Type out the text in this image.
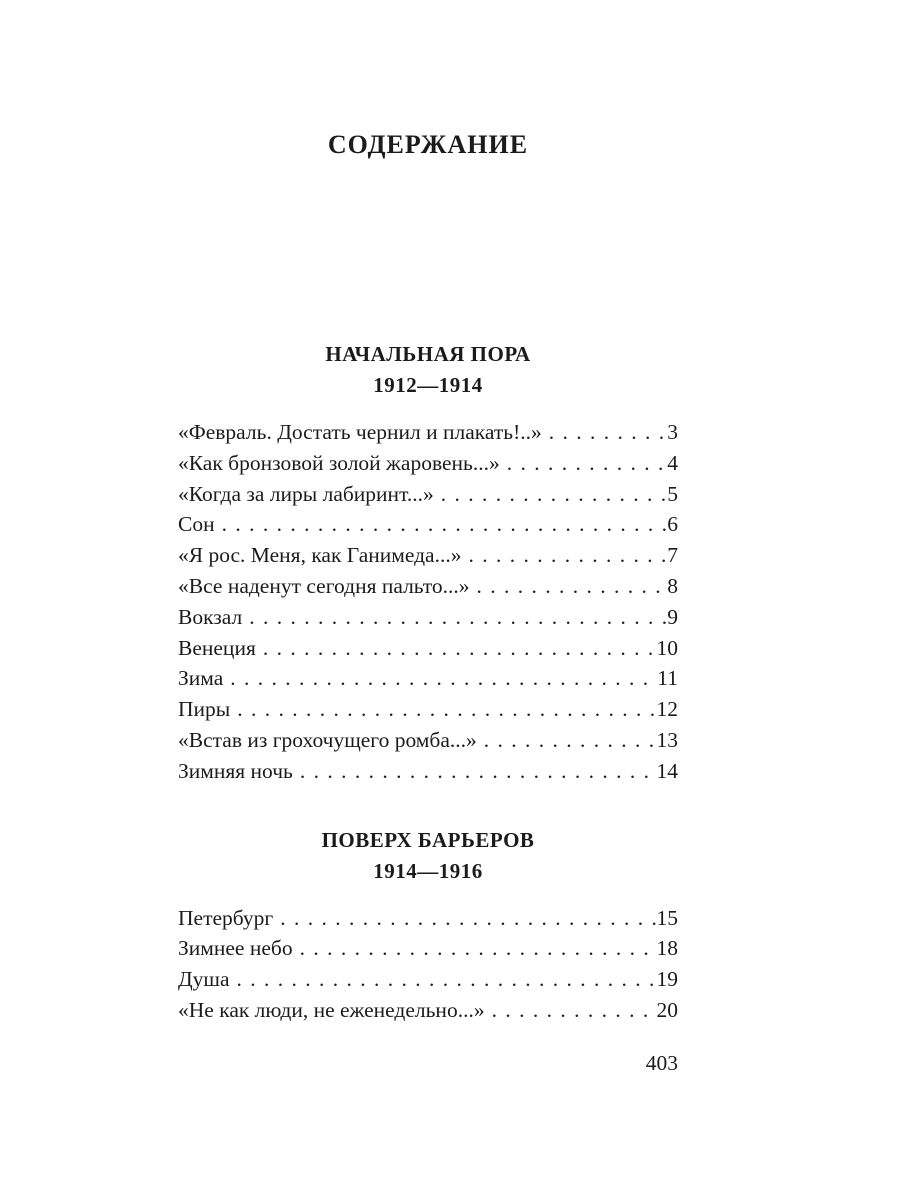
СОДЕРЖАНИЕ
НАЧАЛЬНАЯ ПОРА
1912—1914
«Февраль. Достать чернил и плакать!..» . . .	3
«Как бронзовой золой жаровень...» . . .	4
«Когда за лиры лабиринт...» . . .	5
Сон . . .	6
«Я рос. Меня, как Ганимеда...» . . .	7
«Все наденут сегодня пальто...» . . .	8
Вокзал . . .	9
Венеция . . .	10
Зима . . .	11
Пиры . . .	12
«Встав из грохочущего ромба...» . . .	13
Зимняя ночь . . .	14
ПОВЕРХ БАРЬЕРОВ
1914—1916
Петербург . . .	15
Зимнее небо . . .	18
Душа . . .	19
«Не как люди, не еженедельно...» . . .	20
403
